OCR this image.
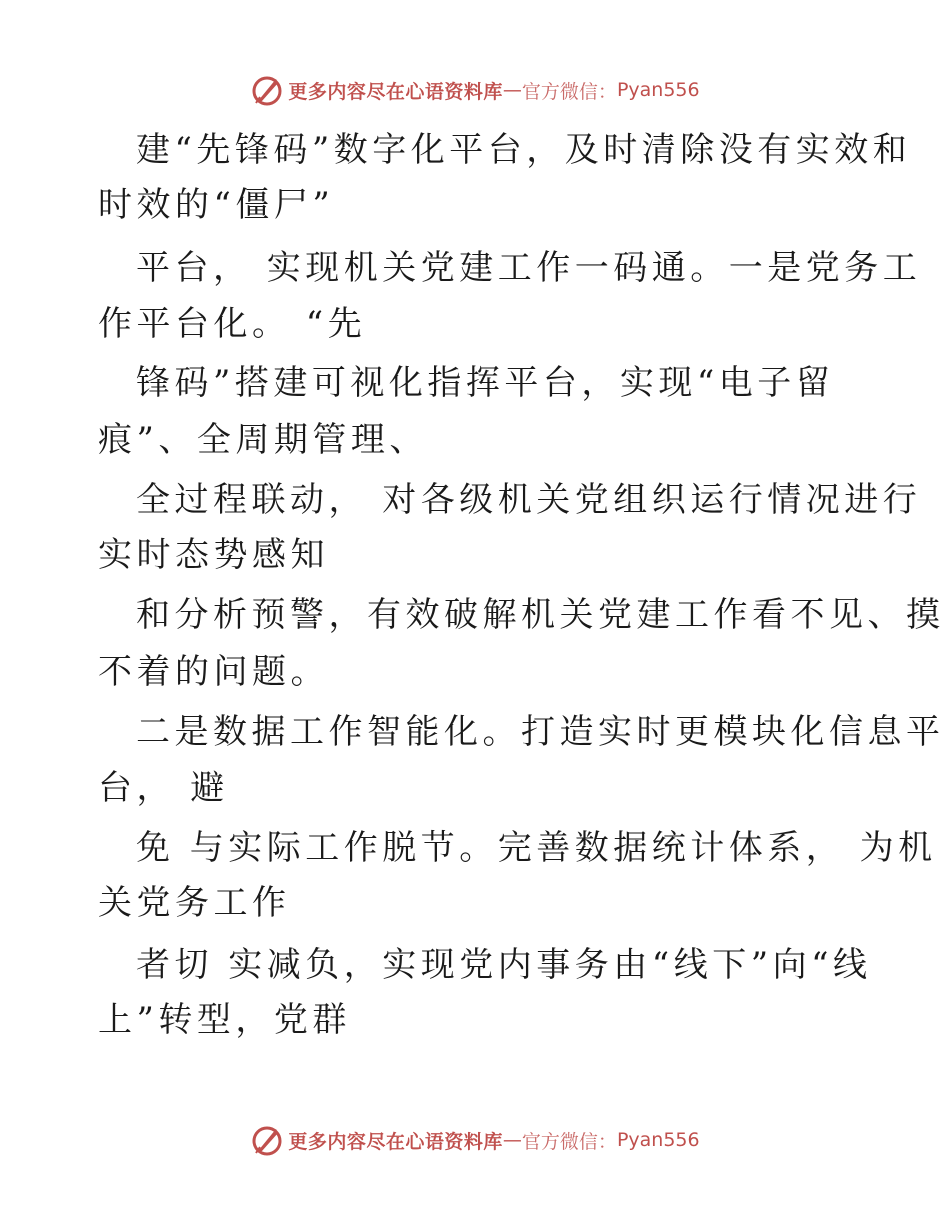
更多内容尽在心语资料库 — 官方微信： Pyan556
建“先锋码”数字化平台，及时清除没有实效和
时效的“僵尸”
平台， 实现机关党建工作一码通。一是党务工
作平台化。 “先
锋码”搭建可视化指挥平台，实现“电子留
痕”、全周期管理、
全过程联动， 对各级机关党组织运行情况进行
实时态势感知
和分析预警，有效破解机关党建工作看不见、摸
不着的问题。
二是数据工作智能化。打造实时更模块化信息平
台， 避
免 与实际工作脱节。完善数据统计体系， 为机
关党务工作
者切 实减负，实现党内事务由“线下”向“线
上”转型，党群
更多内容尽在心语资料库 — 官方微信： Pyan556
